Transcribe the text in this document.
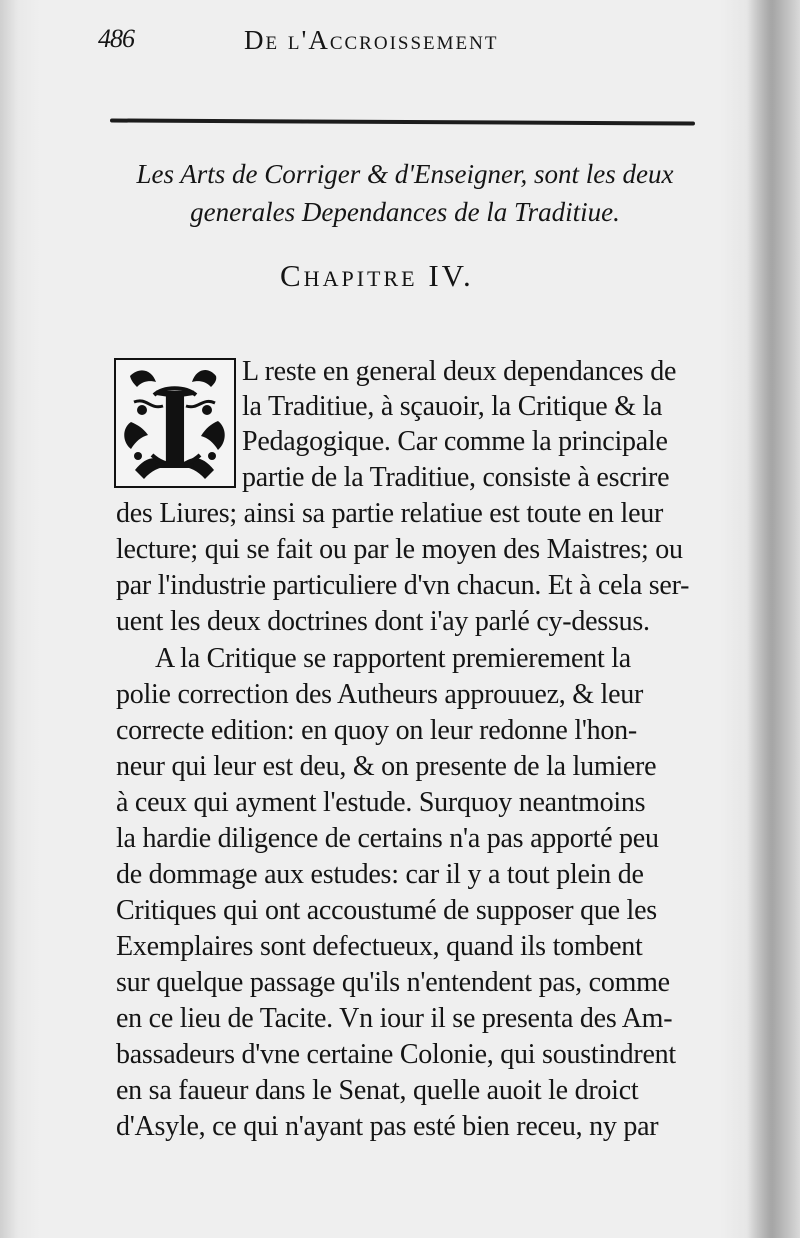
486	De l'Accroissement
Les Arts de Corriger & d'Enseigner, sont les deux
generales Dependances de la Traditiue.
Chapitre IV.
I L reste en general deux dependances de
la Traditiue, à sçauoir, la Critique & la
Pedagogique. Car comme la principale
partie de la Traditiue, consiste à escrire
des Liures; ainsi sa partie relatiue est toute en leur
lecture; qui se fait ou par le moyen des Maistres; ou
par l'industrie particuliere d'vn chacun. Et à cela ser-
uent les deux doctrines dont i'ay parlé cy-dessus.
A la Critique se rapportent premierement la
polie correction des Autheurs approuuez, & leur
correcte edition: en quoy on leur redonne l'hon-
neur qui leur est deu, & on presente de la lumiere
à ceux qui ayment l'estude. Surquoy neantmoins
la hardie diligence de certains n'a pas apporté peu
de dommage aux estudes: car il y a tout plein de
Critiques qui ont accoustumé de supposer que les
Exemplaires sont defectueux, quand ils tombent
sur quelque passage qu'ils n'entendent pas, comme
en ce lieu de Tacite. Vn iour il se presenta des Am-
bassadeurs d'vne certaine Colonie, qui soustindrent
en sa faueur dans le Senat, quelle auoit le droict
d'Asyle, ce qui n'ayant pas esté bien receu, ny par
